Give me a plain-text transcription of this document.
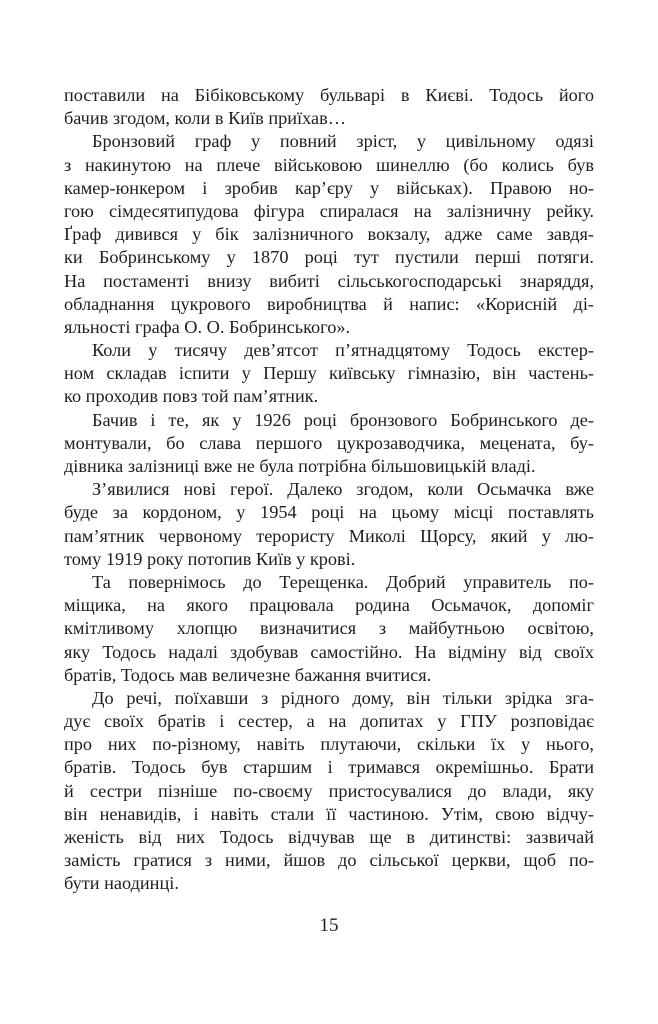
поставили на Бібіковському бульварі в Києві. Тодось його
бачив згодом, коли в Київ приїхав…
Бронзовий граф у повний зріст, у цивільному одязі
з накинутою на плече військовою шинеллю (бо колись був
камер-юнкером і зробив кар’єру у військах). Правою но-
гою сімдесятипудова фігура спиралася на залізничну рейку.
Ґраф дивився у бік залізничного вокзалу, адже саме завдя-
ки Бобринському у 1870 році тут пустили перші потяги.
На постаменті внизу вибиті сільськогосподарські знаряддя,
обладнання цукрового виробництва й напис: «Корисній ді-
яльності графа О. О. Бобринського».
Коли у тисячу дев’ятсот п’ятнадцятому Тодось екстер-
ном складав іспити у Першу київську гімназію, він частень-
ко проходив повз той пам’ятник.
Бачив і те, як у 1926 році бронзового Бобринського де-
монтували, бо слава першого цукрозаводчика, мецената, бу-
дівника залізниці вже не була потрібна більшовицькій владі.
З’явилися нові герої. Далеко згодом, коли Осьмачка вже
буде за кордоном, у 1954 році на цьому місці поставлять
пам’ятник червоному терористу Миколі Щорсу, який у лю-
тому 1919 року потопив Київ у крові.
Та повернімось до Терещенка. Добрий управитель по-
міщика, на якого працювала родина Осьмачок, допоміг
кмітливому хлопцю визначитися з майбутньою освітою,
яку Тодось надалі здобував самостійно. На відміну від своїх
братів, Тодось мав величезне бажання вчитися.
До речі, поїхавши з рідного дому, він тільки зрідка зга-
дує своїх братів і сестер, а на допитах у ГПУ розповідає
про них по-різному, навіть плутаючи, скільки їх у нього,
братів. Тодось був старшим і тримався окремішньо. Брати
й сестри пізніше по-своєму пристосувалися до влади, яку
він ненавидів, і навіть стали її частиною. Утім, свою відчу-
женість від них Тодось відчував ще в дитинстві: зазвичай
замість гратися з ними, йшов до сільської церкви, щоб по-
бути наодинці.
15
